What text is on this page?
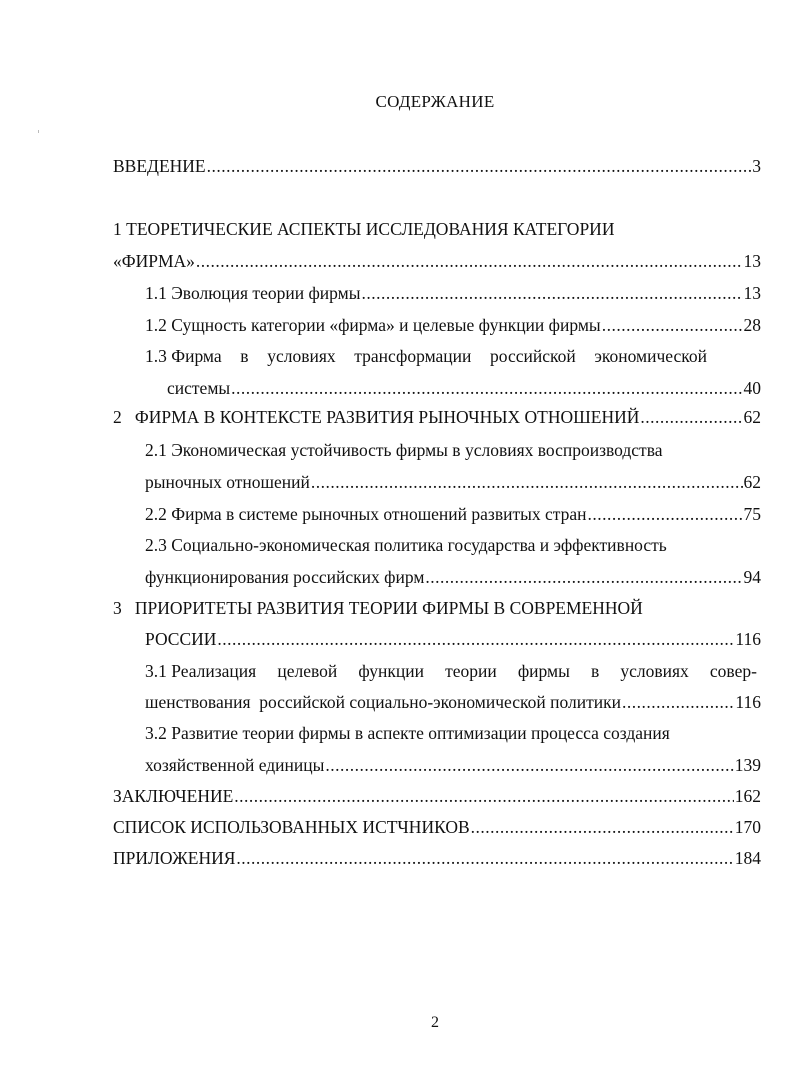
СОДЕРЖАНИЕ
ВВЕДЕНИЕ .....	3
1 ТЕОРЕТИЧЕСКИЕ АСПЕКТЫ ИССЛЕДОВАНИЯ КАТЕГОРИИ
«ФИРМА» .....	13
1.1 Эволюция теории фирмы .....	13
1.2 Сущность категории «фирма» и целевые функции фирмы .....	28
1.3 Фирма в условиях трансформации российской экономической
системы .....	40
2   ФИРМА В КОНТЕКСТЕ РАЗВИТИЯ РЫНОЧНЫХ ОТНОШЕНИЙ .....	62
2.1 Экономическая устойчивость фирмы в условиях воспроизводства
рыночных отношений .....	62
2.2 Фирма в системе рыночных отношений развитых стран .....	75
2.3 Социально-экономическая политика государства и эффективность
функционирования российских фирм .....	94
3   ПРИОРИТЕТЫ РАЗВИТИЯ ТЕОРИИ ФИРМЫ В СОВРЕМЕННОЙ
РОССИИ .....	116
3.1 Реализация целевой функции теории фирмы в условиях совер-
шенствования  российской социально-экономической политики .....	116
3.2 Развитие теории фирмы в аспекте оптимизации процесса создания
хозяйственной единицы .....	139
ЗАКЛЮЧЕНИЕ .....	162
СПИСОК ИСПОЛЬЗОВАННЫХ ИСТЧНИКОВ .....	170
ПРИЛОЖЕНИЯ .....	184
2
